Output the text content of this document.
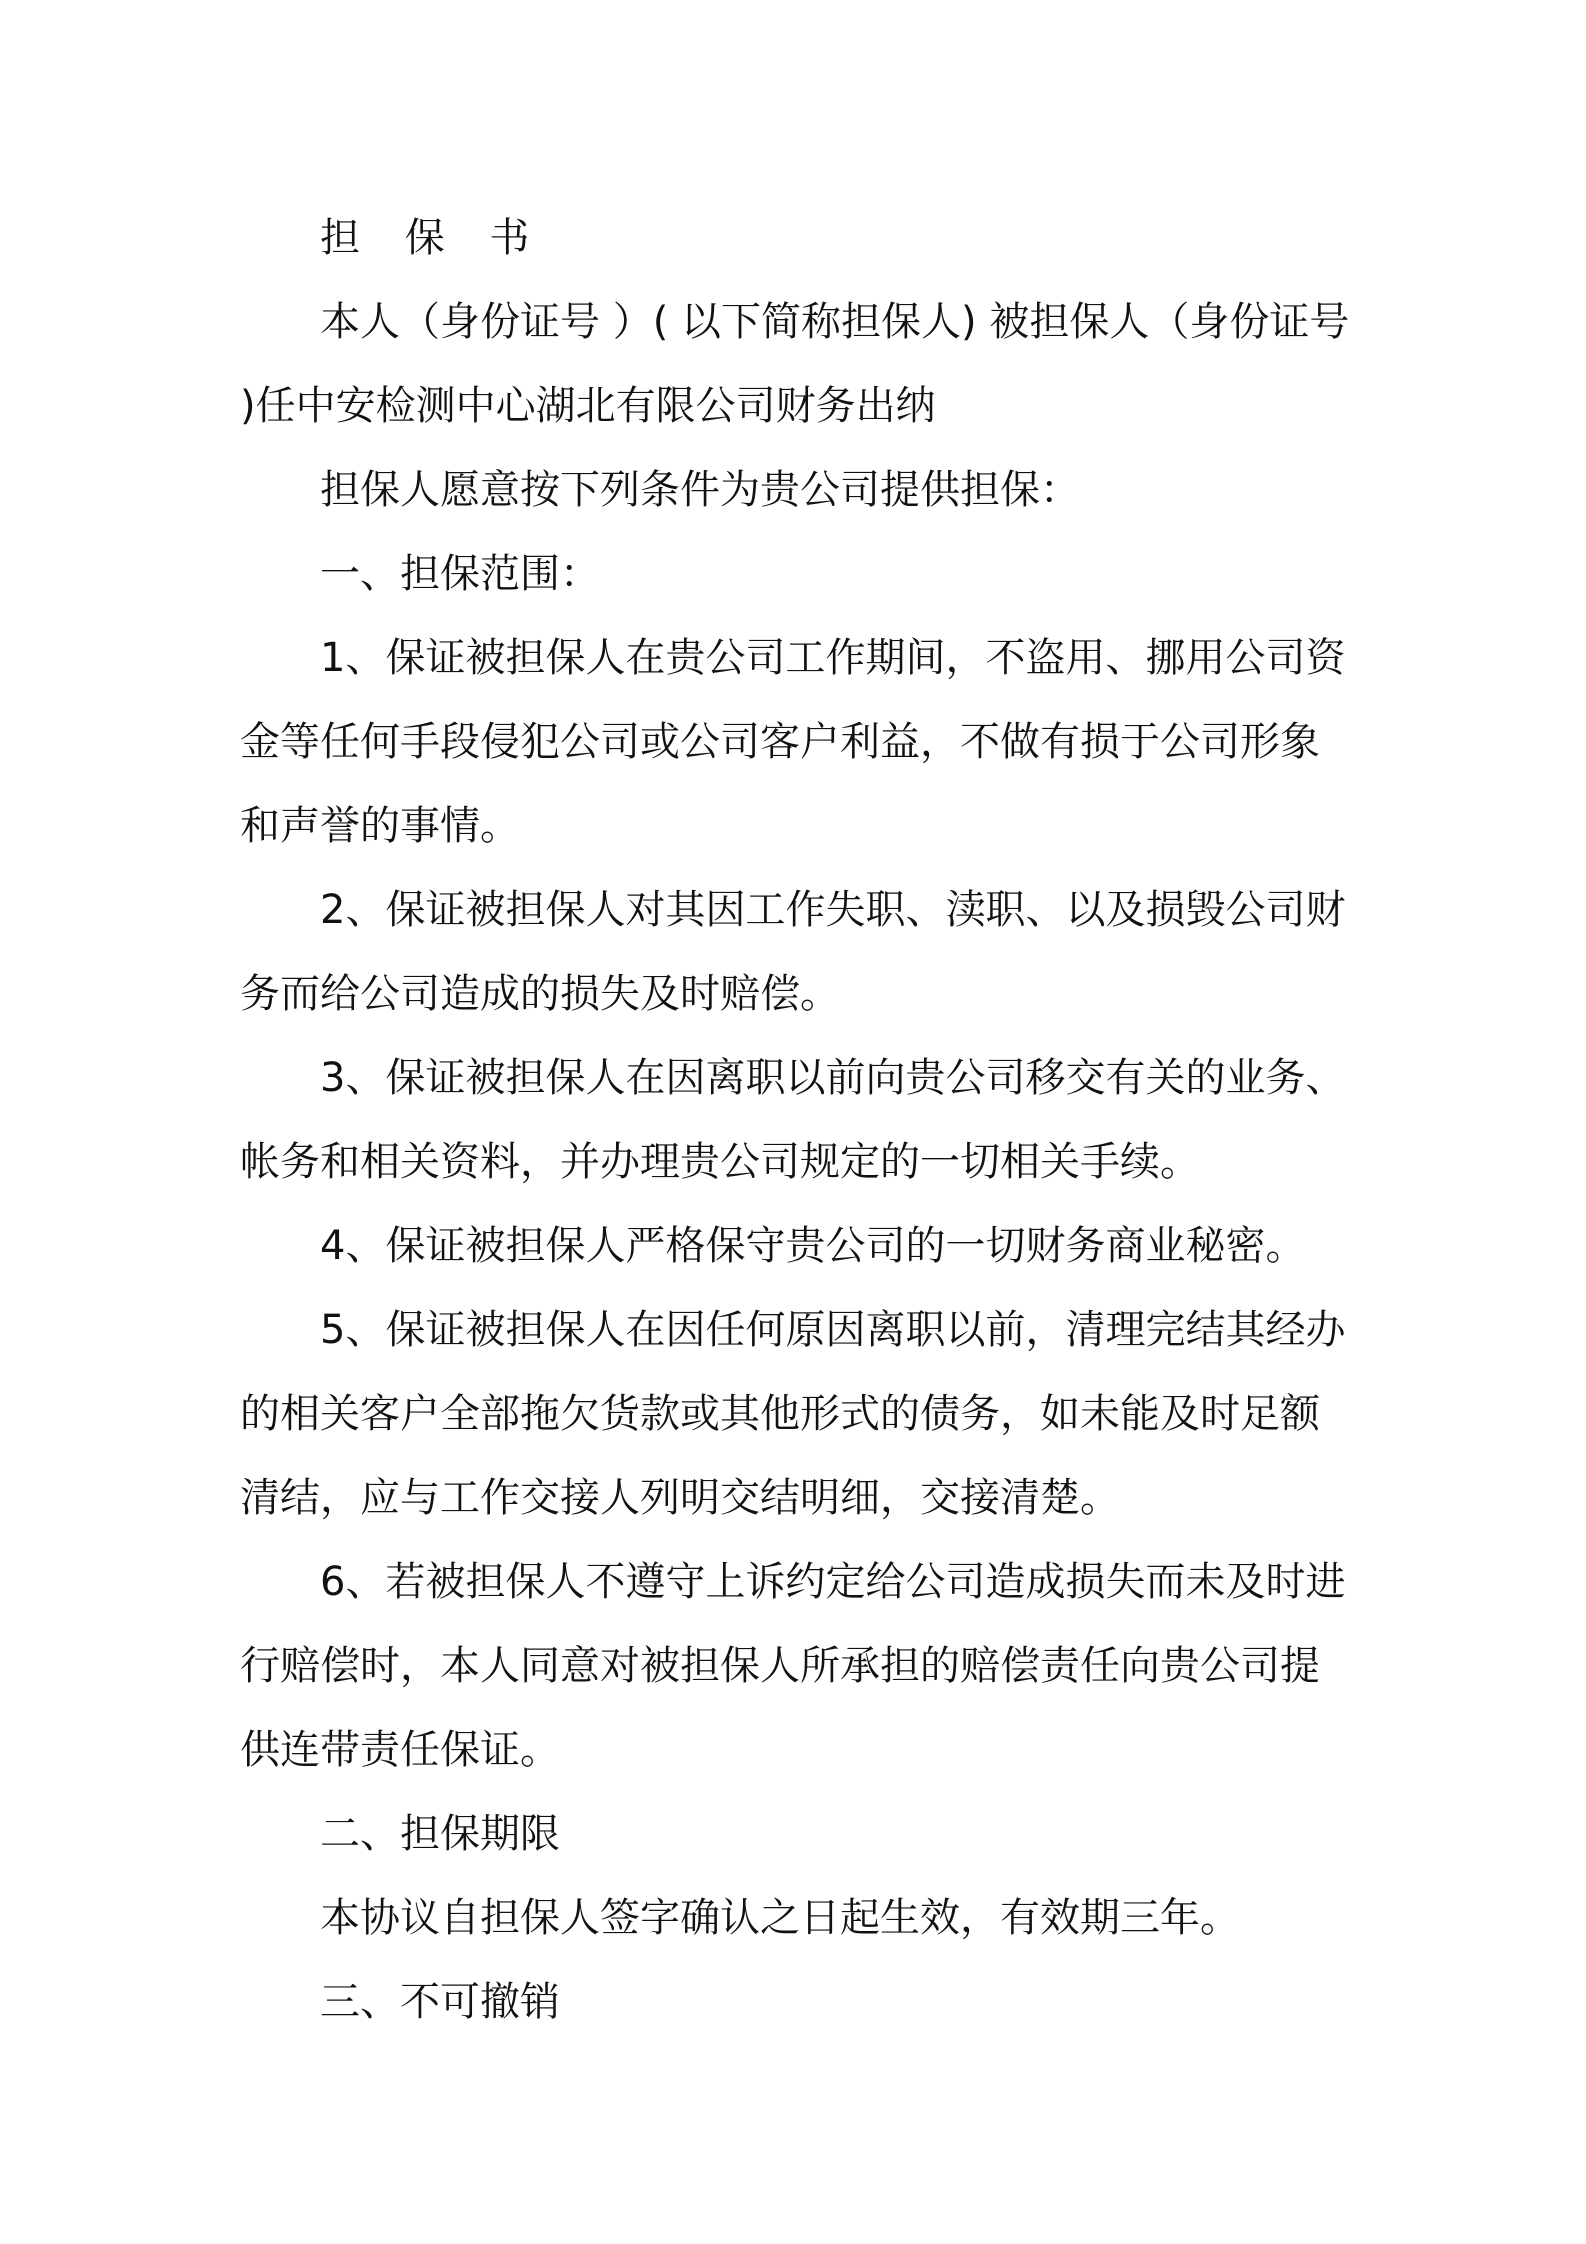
担 保 书

本人（身份证号 ）( 以下简称担保人) 被担保人（身份证号 )任中安检测中心湖北有限公司财务出纳

担保人愿意按下列条件为贵公司提供担保：

一、担保范围：

1、保证被担保人在贵公司工作期间，不盗用、挪用公司资金等任何手段侵犯公司或公司客户利益，不做有损于公司形象和声誉的事情。

2、保证被担保人对其因工作失职、渎职、以及损毁公司财务而给公司造成的损失及时赔偿。

3、保证被担保人在因离职以前向贵公司移交有关的业务、帐务和相关资料，并办理贵公司规定的一切相关手续。

4、保证被担保人严格保守贵公司的一切财务商业秘密。

5、保证被担保人在因任何原因离职以前，清理完结其经办的相关客户全部拖欠货款或其他形式的债务，如未能及时足额清结，应与工作交接人列明交结明细，交接清楚。

6、若被担保人不遵守上诉约定给公司造成损失而未及时进行赔偿时，本人同意对被担保人所承担的赔偿责任向贵公司提供连带责任保证。

二、担保期限

本协议自担保人签字确认之日起生效，有效期三年。

三、不可撤销
